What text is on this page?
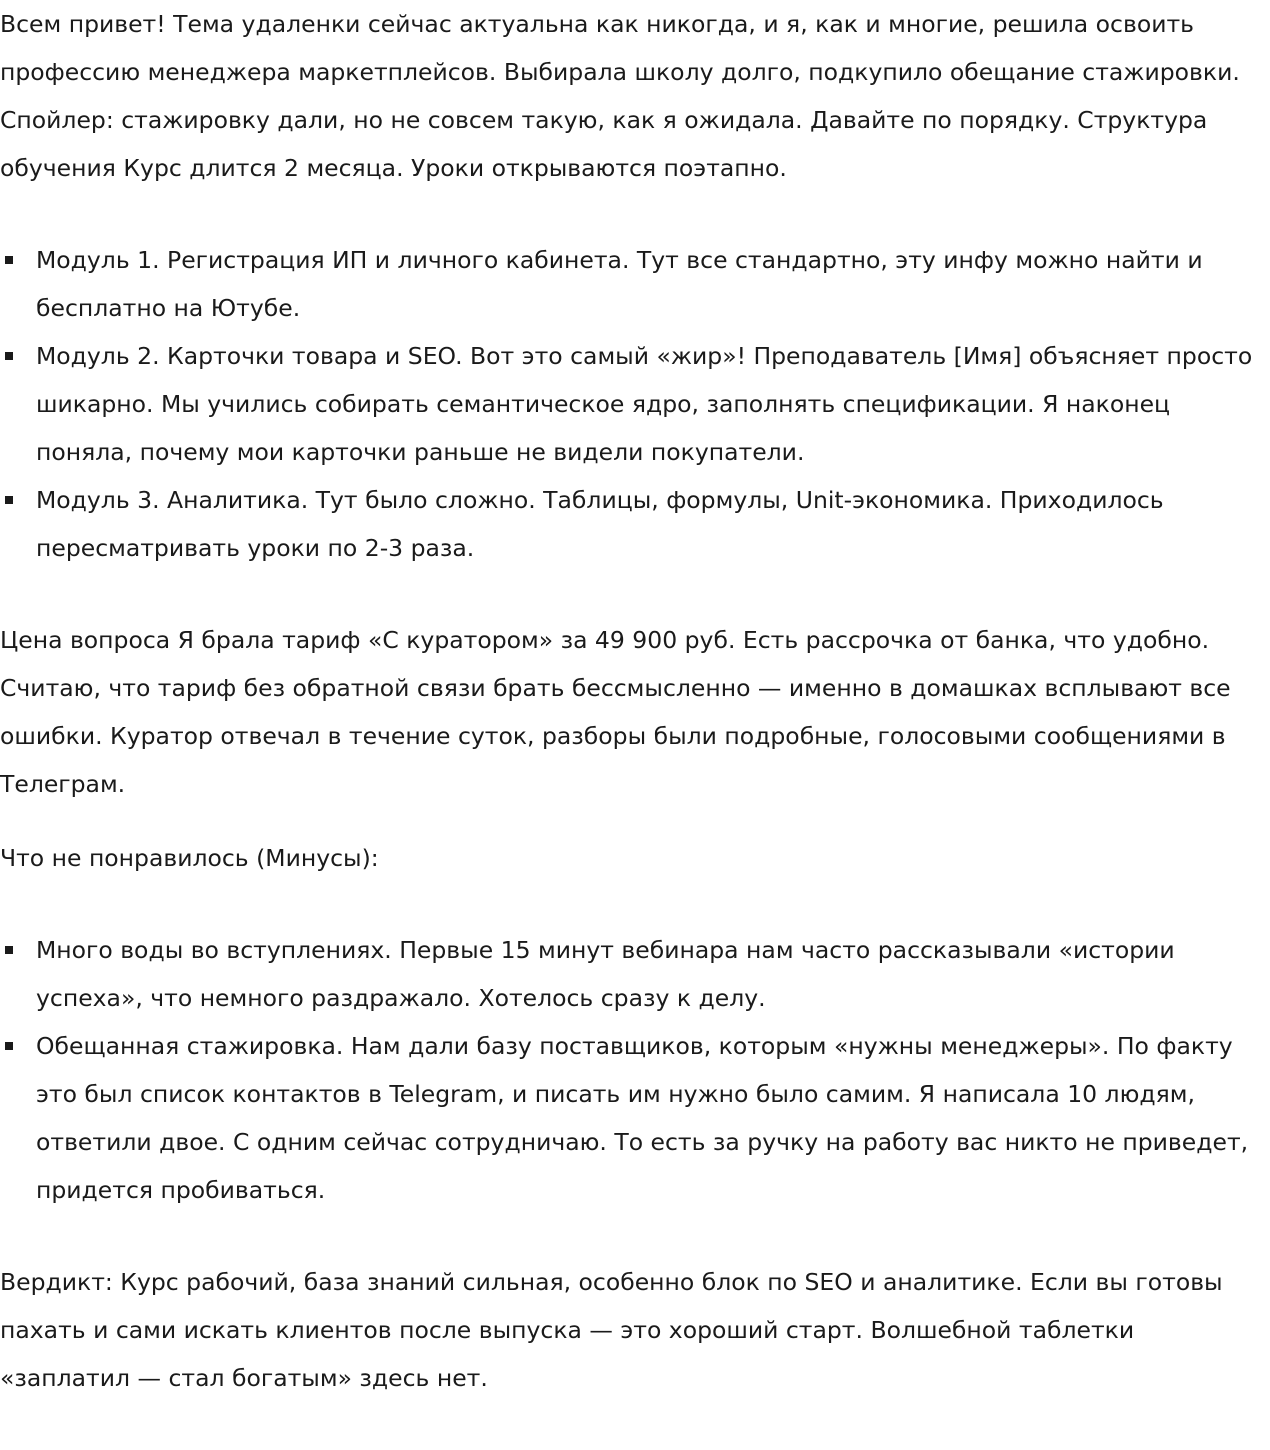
Всем привет! Тема удаленки сейчас актуальна как никогда, и я, как и многие, решила освоить профессию менеджера маркетплейсов. Выбирала школу долго, подкупило обещание стажировки. Спойлер: стажировку дали, но не совсем такую, как я ожидала. Давайте по порядку. Структура обучения Курс длится 2 месяца. Уроки открываются поэтапно.

Модуль 1. Регистрация ИП и личного кабинета. Тут все стандартно, эту инфу можно найти и бесплатно на Ютубе.
Модуль 2. Карточки товара и SEO. Вот это самый «жир»! Преподаватель [Имя] объясняет просто шикарно. Мы учились собирать семантическое ядро, заполнять спецификации. Я наконец поняла, почему мои карточки раньше не видели покупатели.
Модуль 3. Аналитика. Тут было сложно. Таблицы, формулы, Unit-экономика. Приходилось пересматривать уроки по 2-3 раза.

Цена вопроса Я брала тариф «С куратором» за 49 900 руб. Есть рассрочка от банка, что удобно. Считаю, что тариф без обратной связи брать бессмысленно — именно в домашках всплывают все ошибки. Куратор отвечал в течение суток, разборы были подробные, голосовыми сообщениями в Телеграм.

Что не понравилось (Минусы):

Много воды во вступлениях. Первые 15 минут вебинара нам часто рассказывали «истории успеха», что немного раздражало. Хотелось сразу к делу.
Обещанная стажировка. Нам дали базу поставщиков, которым «нужны менеджеры». По факту это был список контактов в Telegram, и писать им нужно было самим. Я написала 10 людям, ответили двое. С одним сейчас сотрудничаю. То есть за ручку на работу вас никто не приведет, придется пробиваться.

Вердикт: Курс рабочий, база знаний сильная, особенно блок по SEO и аналитике. Если вы готовы пахать и сами искать клиентов после выпуска — это хороший старт. Волшебной таблетки «заплатил — стал богатым» здесь нет.
